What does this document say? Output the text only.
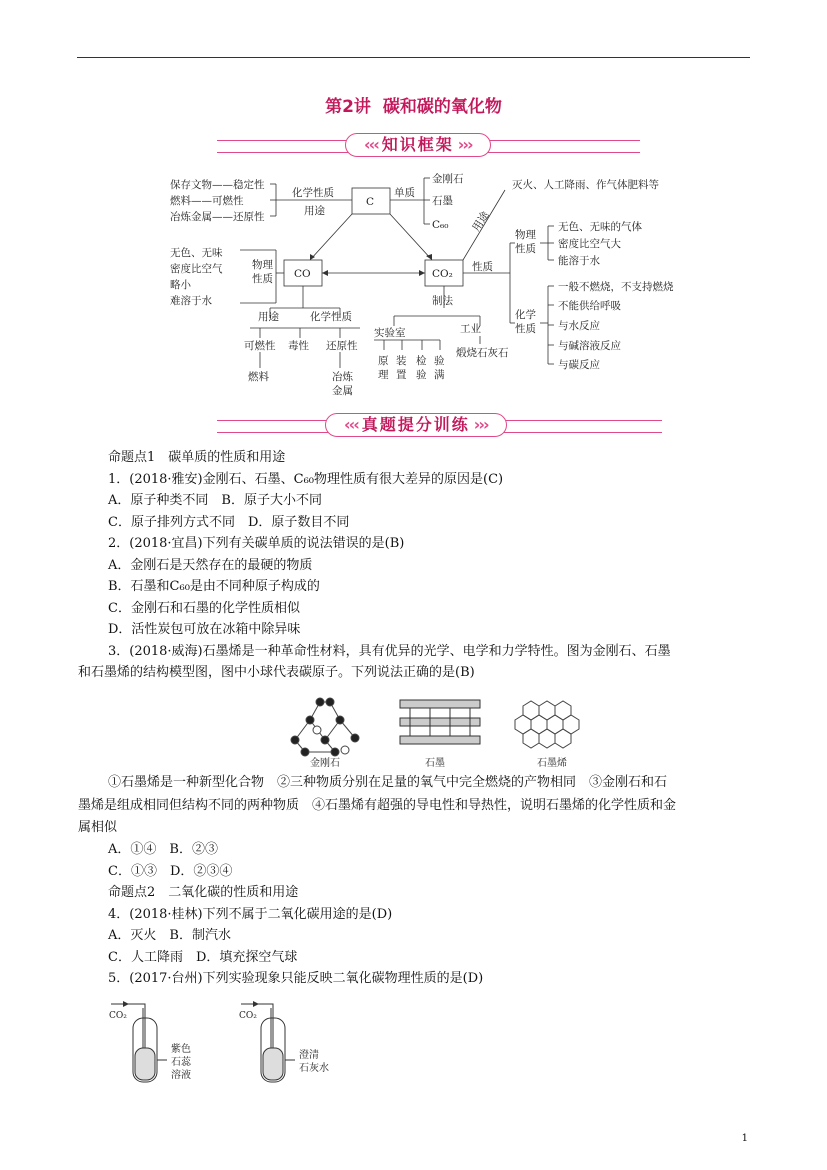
第2讲 碳和碳的氧化物
‹‹‹ 知识框架 ›››
保存文物——稳定性
燃料——可燃性
冶炼金属——还原性
化学性质
用途
C
单质
金刚石
石墨
C₆₀ 用途
灭火、人工降雨、作气体肥料等
CO	CO₂
物理
性质
无色、无味
密度比空气
略小
难溶于水
用途	化学性质
可燃性 毒性 还原性
燃料	冶炼
金属
性质
物理
性质
无色、无味的气体
密度比空气大
能溶于水
化学
性质
一般不燃烧，不支持燃烧
不能供给呼吸
与水反应
与碱溶液反应
与碳反应
制法
实验室	工业
原
理
装
置
检
验
验
满
煅烧石灰石
‹‹‹ 真题提分训练 ›››
命题点1　碳单质的性质和用途
1．(2018·雅安)金刚石、石墨、C₆₀物理性质有很大差异的原因是(C)
A．原子种类不同　B．原子大小不同
C．原子排列方式不同　D．原子数目不同
2．(2018·宜昌)下列有关碳单质的说法错误的是(B)
A．金刚石是天然存在的最硬的物质
B．石墨和C₆₀是由不同种原子构成的
C．金刚石和石墨的化学性质相似
D．活性炭包可放在冰箱中除异味
3．(2018·威海)石墨烯是一种革命性材料，具有优异的光学、电学和力学特性。图为金刚石、石墨
和石墨烯的结构模型图，图中小球代表碳原子。下列说法正确的是(B)
金刚石	石墨	石墨烯
①石墨烯是一种新型化合物　②三种物质分别在足量的氧气中完全燃烧的产物相同　③金刚石和石
墨烯是组成相同但结构不同的两种物质　④石墨烯有超强的导电性和导热性，说明石墨烯的化学性质和金
属相似
A．①④　B．②③
C．①③　D．②③④
命题点2　二氧化碳的性质和用途
4．(2018·桂林)下列不属于二氧化碳用途的是(D)
A．灭火　B．制汽水
C．人工降雨　D．填充探空气球
5．(2017·台州)下列实验现象只能反映二氧化碳物理性质的是(D)
CO₂
紫色
石蕊
溶液
CO₂
澄清
石灰水
1
